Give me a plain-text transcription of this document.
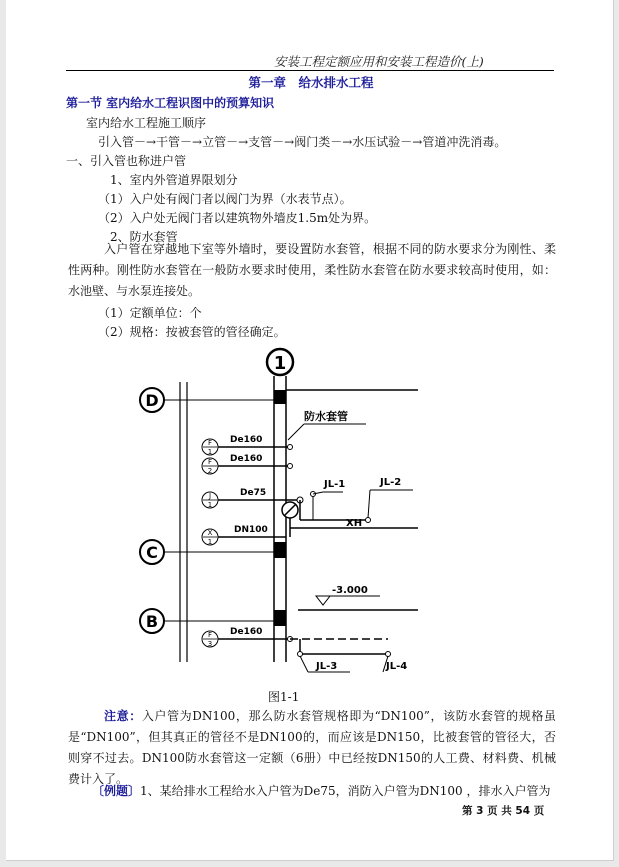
安装工程定额应用和安装工程造价(上)
第一章　给水排水工程
第一节 室内给水工程识图中的预算知识
室内给水工程施工顺序
引入管－→干管－→立管－→支管－→阀门类－→水压试验－→管道冲洗消毒。
一、引入管也称进户管
1、室内外管道界限划分
（1）入户处有阀门者以阀门为界（水表节点）。
（2）入户处无阀门者以建筑物外墙皮1.5m处为界。
2、防水套管
入户管在穿越地下室等外墙时，要设置防水套管，根据不同的防水要求分为刚性、柔性两种。刚性防水套管在一般防水要求时使用，柔性防水套管在防水要求较高时使用，如：水池壁、与水泵连接处。
（1）定额单位：个
（2）规格：按被套管的管径确定。
D
C
B
1
防水套管
F
1
De160
F
2
De160
J
1
De75
X
1
DN100
JL-1	JL-2
XH
-3.000
F
3
De160
JL-3	JL-4
图1-1
注意：入户管为DN100，那么防水套管规格即为“DN100”，该防水套管的规格虽是“DN100”，但其真正的管径不是DN100的，而应该是DN150，比被套管的管径大，否则穿不过去。DN100防水套管这一定额（6册）中已经按DN150的人工费、材料费、机械费计入了。
〔例题〕1、某给排水工程给水入户管为De75，消防入户管为DN100 ，排水入户管为
第 3 页 共 54 页
